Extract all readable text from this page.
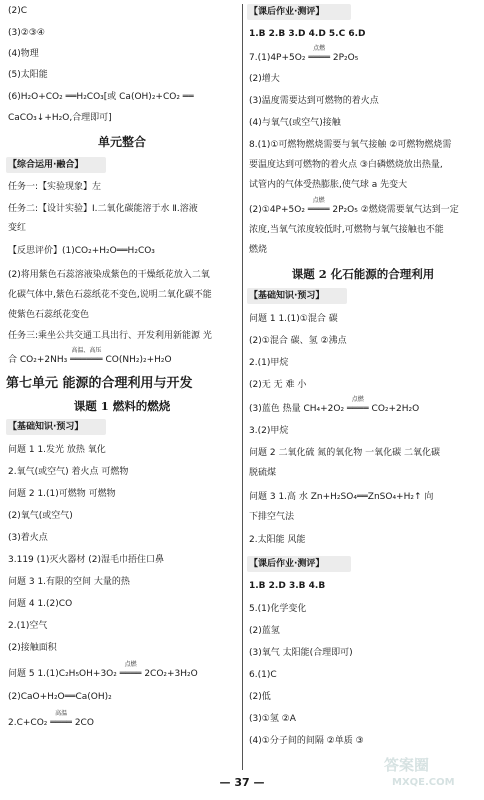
(2)C
(3)②③④
(4)物理
(5)太阳能
(6)H₂O+CO₂ ══H₂CO₃[或 Ca(OH)₂+CO₂ ══
CaCO₃↓+H₂O,合理即可]
单元整合
【综合运用·融合】
任务一:【实验现象】左
任务二:【设计实验】Ⅰ.二氧化碳能溶于水 Ⅱ.溶液
变红
【反思评价】(1)CO₂+H₂O══H₂CO₃
(2)将用紫色石蕊溶液染成紫色的干燥纸花放入二氧
化碳气体中,紫色石蕊纸花不变色,说明二氧化碳不能
使紫色石蕊纸花变色
任务三:乘坐公共交通工具出行、开发利用新能源 光
合 CO₂+2NH₃
高温、高压
══════ CO(NH₂)₂+H₂O
第七单元 能源的合理利用与开发
课题 1 燃料的燃烧
【基础知识·预习】
问题 1 1.发光 放热 氧化
2.氧气(或空气) 着火点 可燃物
问题 2 1.(1)可燃物 可燃物
(2)氧气(或空气)
(3)着火点
3.119 (1)灭火器材 (2)湿毛巾捂住口鼻
问题 3 1.有限的空间 大量的热
问题 4 1.(2)CO
2.(1)空气
(2)接触面积
问题 5 1.(1)C₂H₅OH+3O₂
点燃
════ 2CO₂+3H₂O
(2)CaO+H₂O══Ca(OH)₂
2.C+CO₂
高温
════ 2CO
【课后作业·测评】
1.B 2.B 3.D 4.D 5.C 6.D
7.(1)4P+5O₂
点燃
════ 2P₂O₅
(2)增大
(3)温度需要达到可燃物的着火点
(4)与氧气(或空气)接触
8.(1)①可燃物燃烧需要与氧气接触 ②可燃物燃烧需
要温度达到可燃物的着火点 ③白磷燃烧放出热量,
试管内的气体受热膨胀,使气球 a 先变大
(2)①4P+5O₂
点燃
════ 2P₂O₅ ②燃烧需要氧气达到一定
浓度,当氧气浓度较低时,可燃物与氧气接触也不能
燃烧
课题 2 化石能源的合理利用
【基础知识·预习】
问题 1 1.(1)①混合 碳
(2)①混合 碳、氢 ②沸点
2.(1)甲烷
(2)无 无 难 小
(3)蓝色 热量 CH₄+2O₂
点燃
════ CO₂+2H₂O
3.(2)甲烷
问题 2 二氧化硫 氮的氧化物 一氧化碳 二氧化碳
脱硫煤
问题 3 1.高 水 Zn+H₂SO₄══ZnSO₄+H₂↑ 向
下排空气法
2.太阳能 风能
【课后作业·测评】
1.B 2.D 3.B 4.B
5.(1)化学变化
(2)蓝氢
(3)氧气 太阳能(合理即可)
6.(1)C
(2)低
(3)①氢 ②A
(4)①分子间的间隔 ②单质 ③
— 37 —
答案圈
MXQE.COM
